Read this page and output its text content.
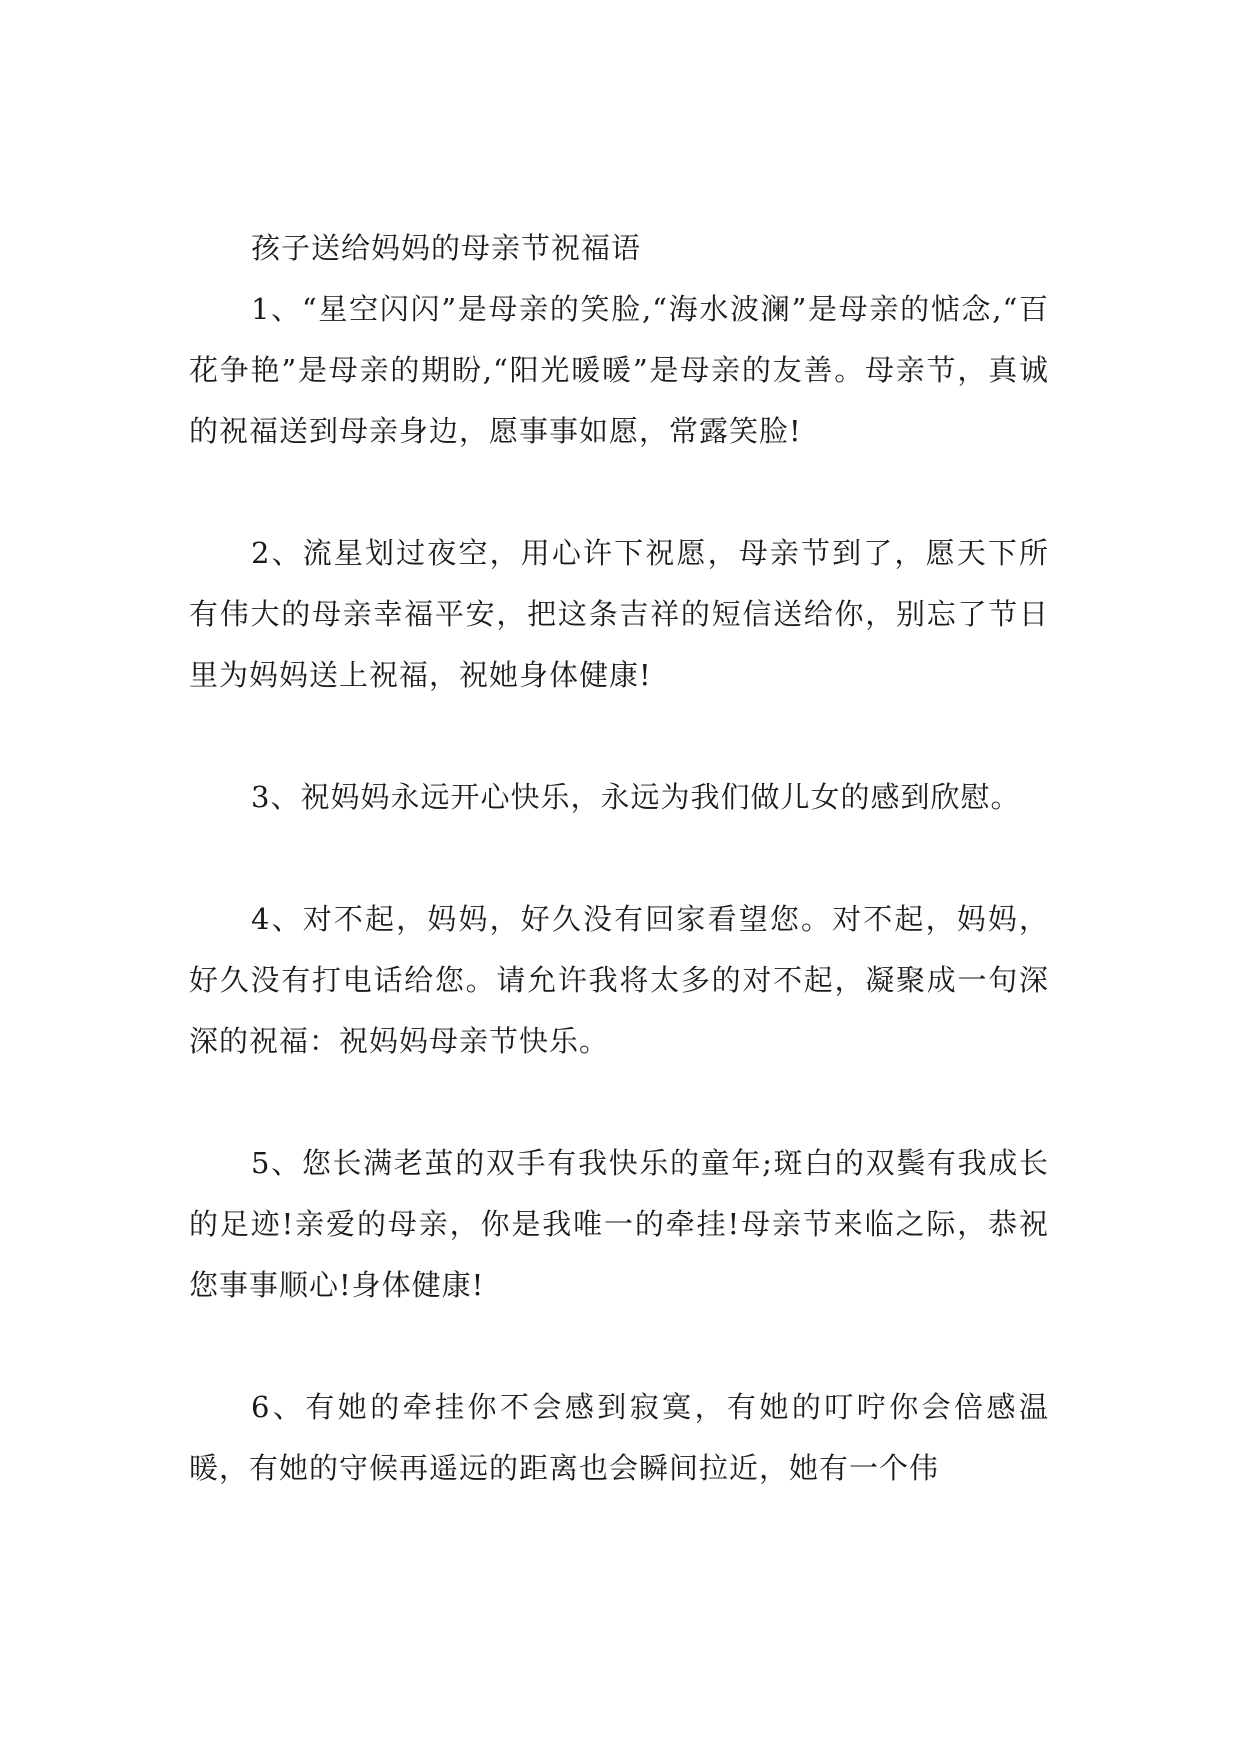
孩子送给妈妈的母亲节祝福语

1、“星空闪闪”是母亲的笑脸,“海水波澜”是母亲的惦念,“百花争艳”是母亲的期盼,“阳光暖暖”是母亲的友善。母亲节，真诚的祝福送到母亲身边，愿事事如愿，常露笑脸!

2、流星划过夜空，用心许下祝愿，母亲节到了，愿天下所有伟大的母亲幸福平安，把这条吉祥的短信送给你，别忘了节日里为妈妈送上祝福，祝她身体健康!

3、祝妈妈永远开心快乐，永远为我们做儿女的感到欣慰。

4、对不起，妈妈，好久没有回家看望您。对不起，妈妈，好久没有打电话给您。请允许我将太多的对不起，凝聚成一句深深的祝福：祝妈妈母亲节快乐。

5、您长满老茧的双手有我快乐的童年;斑白的双鬓有我成长的足迹!亲爱的母亲，你是我唯一的牵挂!母亲节来临之际，恭祝您事事顺心!身体健康!

6、有她的牵挂你不会感到寂寞，有她的叮咛你会倍感温暖，有她的守候再遥远的距离也会瞬间拉近，她有一个伟
